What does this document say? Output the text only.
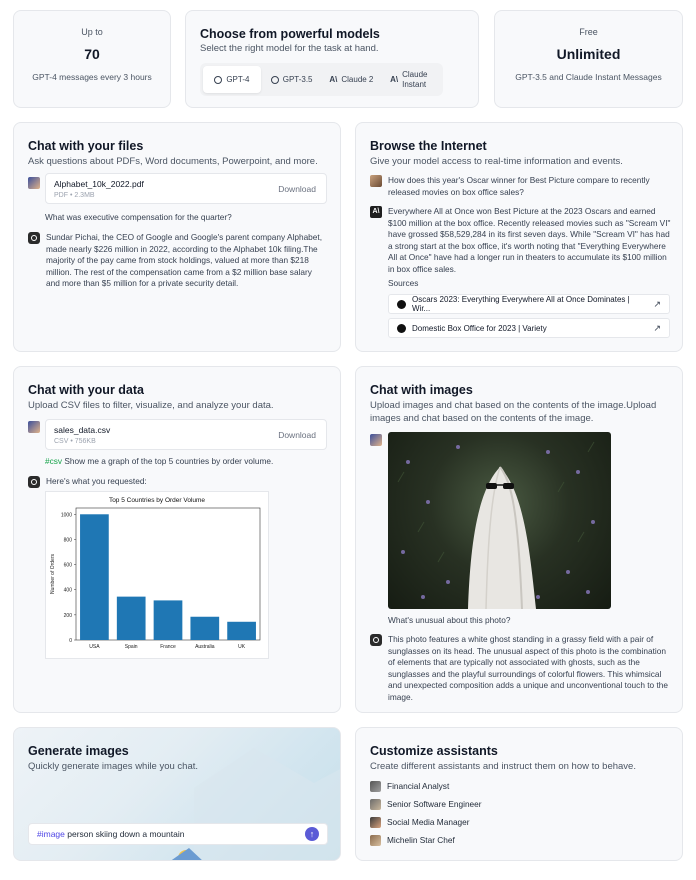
Up to
70
GPT-4 messages every 3 hours
Choose from powerful models
Select the right model for the task at hand.
GPT-4	GPT-3.5 A\ Claude 2 A\
Claude Instant
Free
Unlimited
GPT-3.5 and Claude Instant Messages
Chat with your files
Ask questions about PDFs, Word documents, Powerpoint, and more.
Alphabet_10k_2022.pdf
PDF • 2.3MB
Download
What was executive compensation for the quarter?
Sundar Pichai, the CEO of Google and Google's parent company Alphabet, made nearly $226 million in 2022, according to the Alphabet 10k filing.The majority of the pay came from stock holdings, valued at more than $218 million. The rest of the compensation came from a $2 million base salary and more than $5 million for a private security detail.
Browse the Internet
Give your model access to real-time information and events.
How does this year's Oscar winner for Best Picture compare to recently released movies on box office sales?
A\	Everywhere All at Once won Best Picture at the 2023 Oscars and earned $100 million at the box office. Recently released movies such as "Scream VI" have grossed $58,529,284 in its first seven days. While "Scream VI" has had a strong start at the box office, it's worth noting that "Everything Everywhere All at Once" have had a longer run in theaters to accumulate its $100 million in box office sales.
Sources
Oscars 2023: Everything Everywhere All at Once Dominates | Wir...	↗
Domestic Box Office for 2023 | Variety	↗
Chat with your data
Upload CSV files to filter, visualize, and analyze your data.
sales_data.csv
CSV • 756KB
Download
#csv Show me a graph of the top 5 countries by order volume.
Here's what you requested:
Top 5 Countries by Order Volume
0
200
400
600
800
1000
USA	Spain	France	Australia	UK
Number of Orders
Chat with images
Upload images and chat based on the contents of the image.Upload images and chat based on the contents of the image.
What's unusual about this photo?
This photo features a white ghost standing in a grassy field with a pair of sunglasses on its head. The unusual aspect of this photo is the combination of elements that are typically not associated with ghosts, such as the sunglasses and the playful surroundings of colorful flowers. This whimsical and unexpected composition adds a unique and unconventional touch to the image.
Generate images
Quickly generate images while you chat.
#image person skiing down a mountain	↑
Customize assistants
Create different assistants and instruct them on how to behave.
Financial Analyst
Senior Software Engineer
Social Media Manager
Michelin Star Chef
